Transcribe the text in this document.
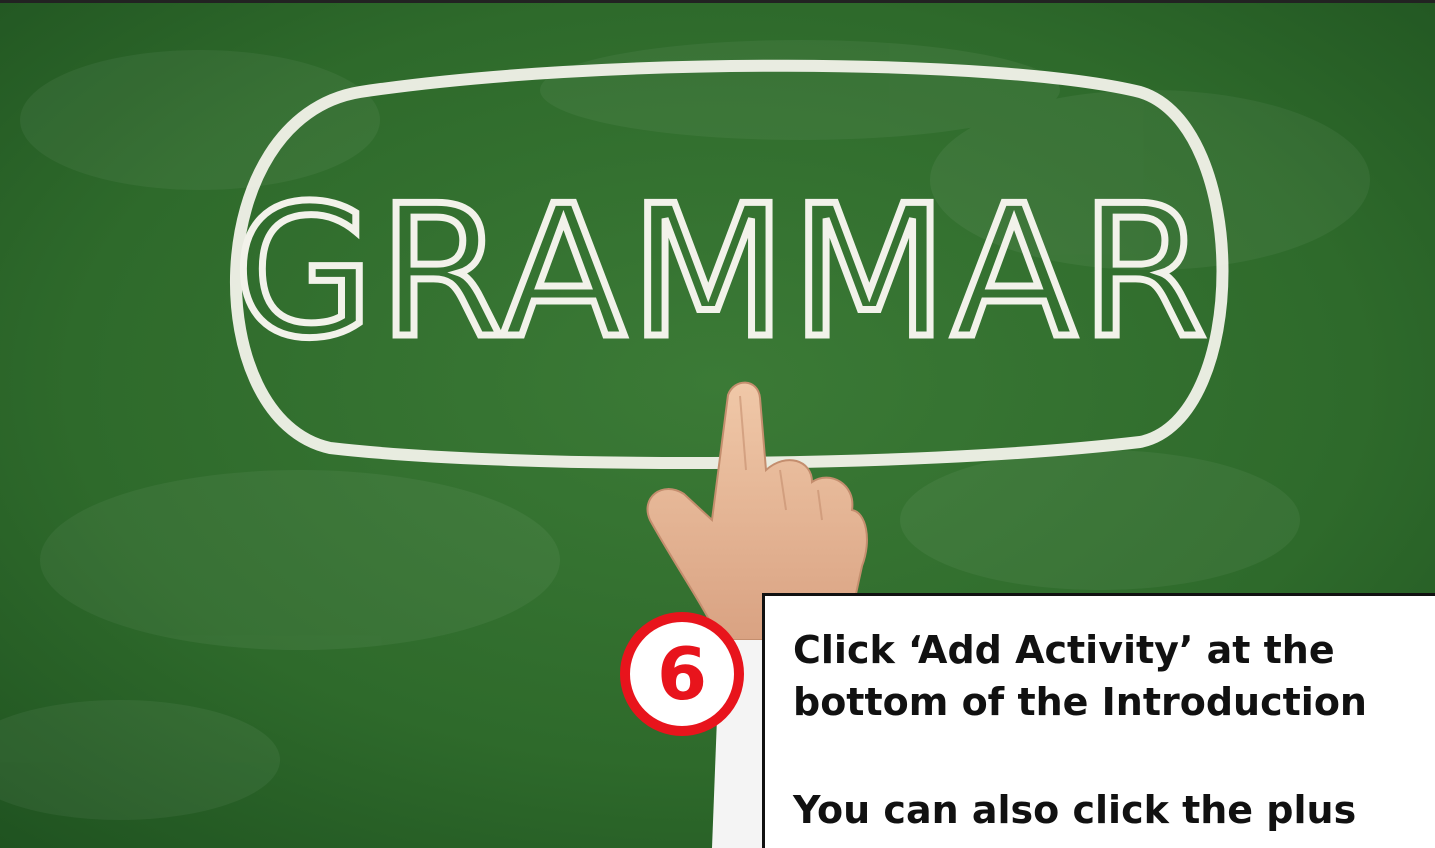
GRAMMAR
6 Click ‘Add Activity’ at the
bottom of the Introduction
You can also click the plus
